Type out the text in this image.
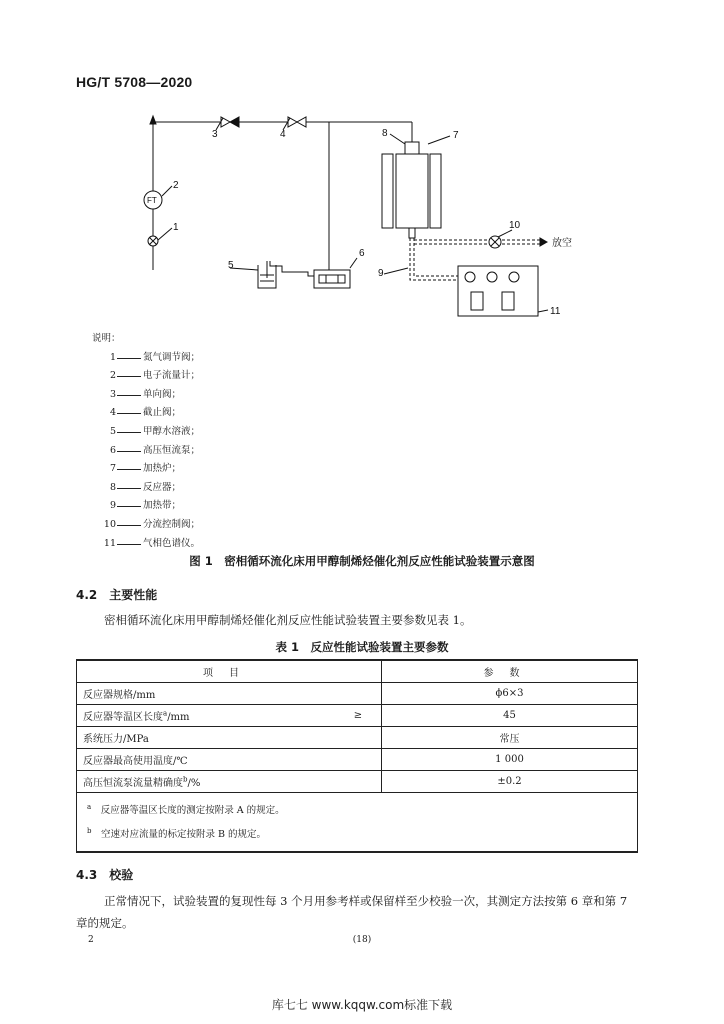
HG/T 5708—2020
3	4
2
1
5
6
8	7
9
10
11
FT
放空
说明：
1	氮气调节阀；
2	电子流量计；
3	单向阀；
4	截止阀；
5	甲醇水溶液；
6	高压恒流泵；
7	加热炉；
8	反应器；
9	加热带；
10	分流控制阀；
11	气相色谱仪。
图 1　密相循环流化床用甲醇制烯烃催化剂反应性能试验装置示意图
4.2　 主要性能
密相循环流化床用甲醇制烯烃催化剂反应性能试验装置主要参数见表 1。
表 1　反应性能试验装置主要参数
项目		参数
反应器规格/mm		ϕ6×3
反应器等温区长度$^a$/mm	≥	45
系统压力/MPa		常压
反应器最高使用温度/℃		1 000
高压恒流泵流量精确度$^b$/%		±0.2

$^a$　 反应器等温区长度的测定按附录 A 的规定。
$^b$　 空速对应流量的标定按附录 B 的规定。		
4.3　 校验
正常情况下，试验装置的复现性每 3 个月用参考样或保留样至少校验一次，其测定方法按第 6 章和第 7 章的规定。
2	(18)
库七七 www.kqqw.com标准下载
